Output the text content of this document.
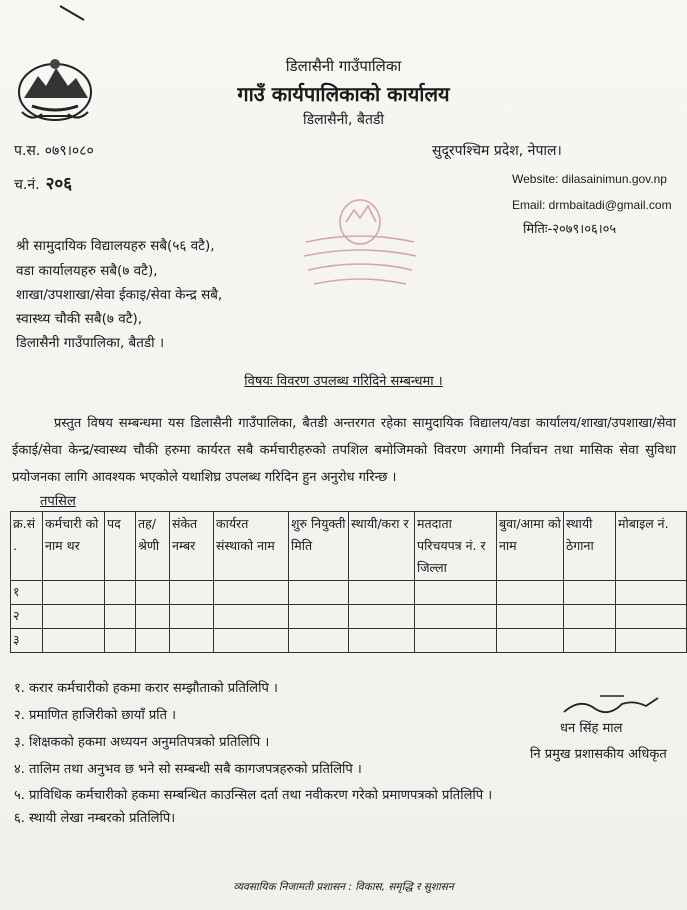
डिलासैनी गाउँपालिका
गाउँ कार्यपालिकाको कार्यालय
डिलासैनी, बैतडी
प.स. ०७९।०८०
च.नं. २०६
सुदूरपश्चिम प्रदेश, नेपाल।
Website: dilasainimun.gov.np
Email: drmbaitadi@gmail.com
मितिः-२०७९।०६।०५
श्री सामुदायिक विद्यालयहरु सबै(५६ वटै),
वडा कार्यालयहरु सबै(७ वटै),
शाखा/उपशाखा/सेवा ईकाइ/सेवा केन्द्र सबै,
स्वास्थ्य चौकी सबै(७ वटै),
डिलासैनी गाउँपालिका, बैतडी ।
विषयः विवरण उपलब्ध गरिदिने सम्बन्धमा ।
प्रस्तुत विषय सम्बन्धमा यस डिलासैनी गाउँपालिका, बैतडी अन्तरगत रहेका सामुदायिक विद्यालय/वडा कार्यालय/शाखा/उपशाखा/सेवा ईकाई/सेवा केन्द्र/स्वास्थ्य चौकी हरुमा कार्यरत सबै कर्मचारीहरुको तपशिल बमोजिमको विवरण अगामी निर्वाचन तथा मासिक सेवा सुविधा प्रयोजनका लागि आवश्यक भएकोले यथाशिघ्र उपलब्ध गरिदिन हुन अनुरोध गरिन्छ ।
तपसिल
क्र.सं .	कर्मचारी को नाम थर	पद	तह/ श्रेणी	संकेत नम्बर	कार्यरत संस्थाको नाम	शुरु नियुक्ती मिति	स्थायी/करा र	मतदाता परिचयपत्र नं. र जिल्ला	बुवा/आमा को नाम	स्थायी ठेगाना	मोबाइल नं.
१											
२											
३											
१. करार कर्मचारीको हकमा करार सम्झौताको प्रतिलिपि ।
२. प्रमाणित हाजिरीको छायाँ प्रति ।
३. शिक्षकको हकमा अध्ययन अनुमतिपत्रको प्रतिलिपि ।
४. तालिम तथा अनुभव छ भने सो सम्बन्धी सबै कागजपत्रहरुको प्रतिलिपि ।
५. प्राविधिक कर्मचारीको हकमा सम्बन्धित काउन्सिल दर्ता तथा नवीकरण गरेको प्रमाणपत्रको प्रतिलिपि ।
६. स्थायी लेखा नम्बरको प्रतिलिपि।
धन सिंह माल
नि प्रमुख प्रशासकीय अधिकृत
व्यवसायिक निजामती प्रशासन : विकास, समृद्धि र सुशासन
